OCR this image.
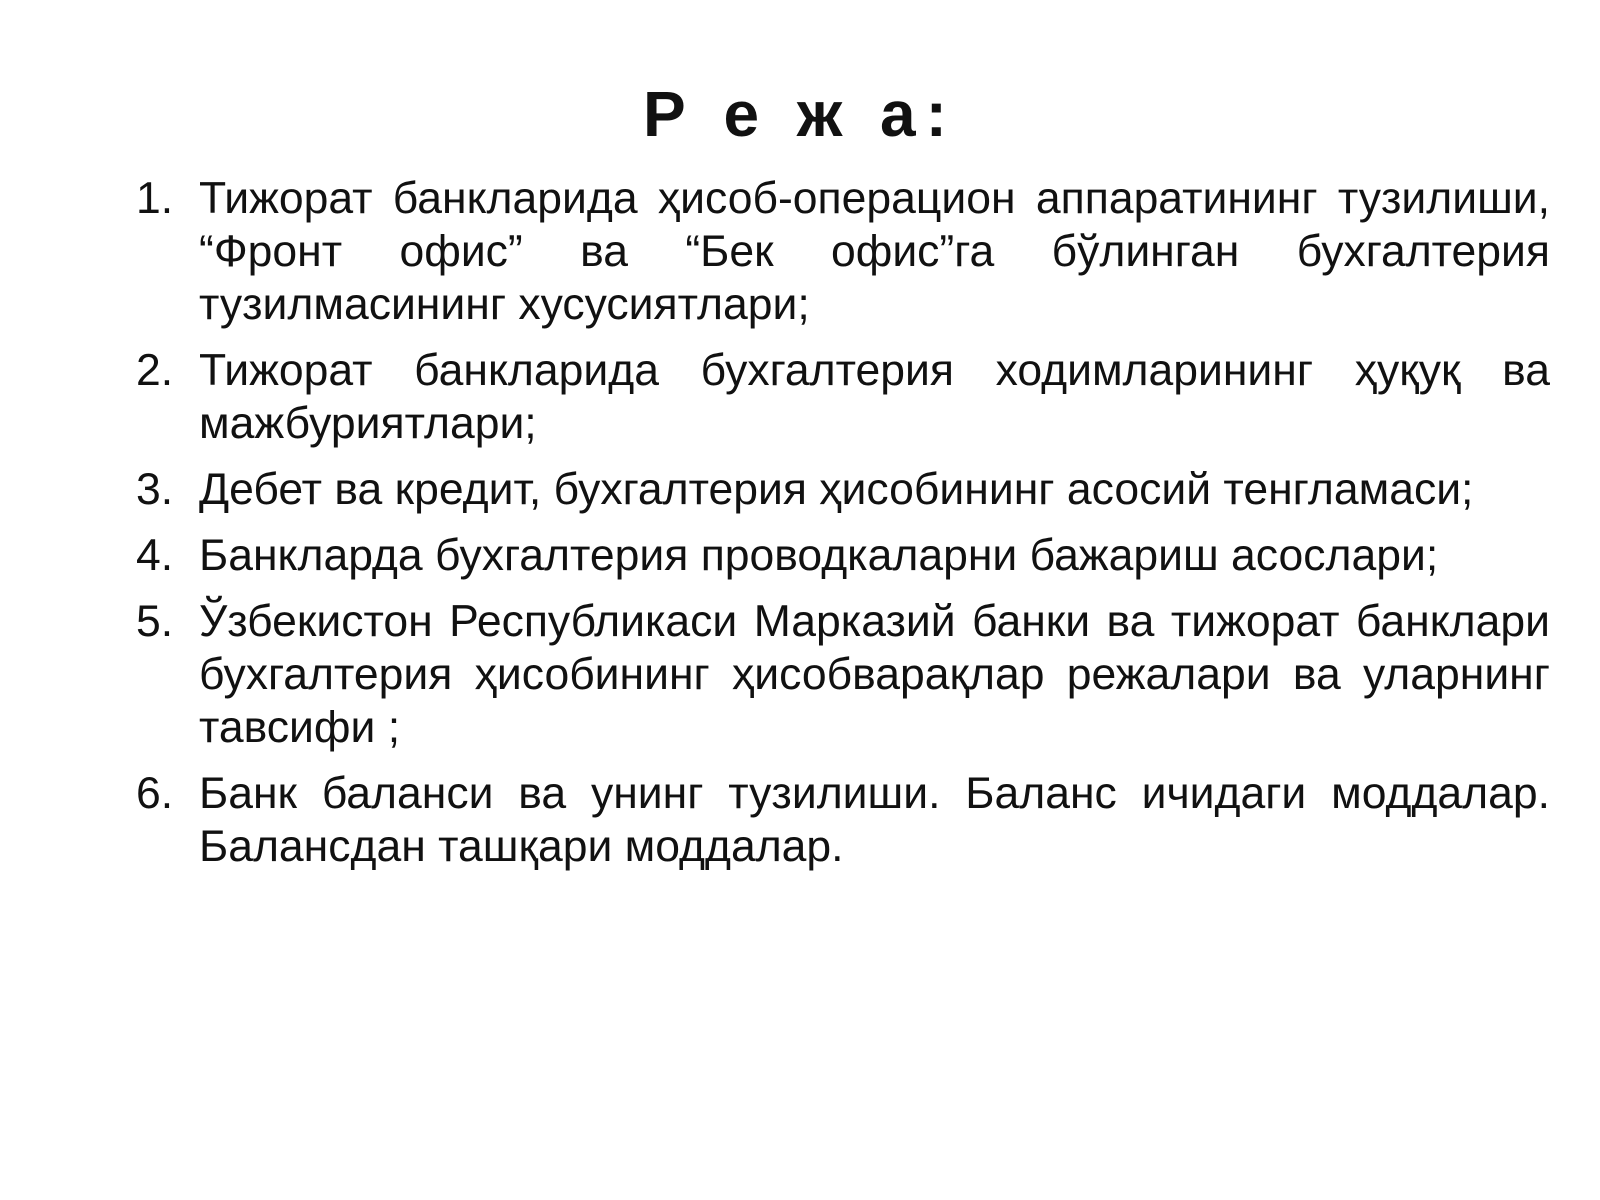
Р е ж а:
1. Тижорат банкларида ҳисоб-операцион аппаратининг тузилиши, “Фронт офис” ва “Бек офис”га бўлинган бухгалтерия тузилмасининг хусусиятлари;
2. Тижорат банкларида бухгалтерия ходимларининг ҳуқуқ ва мажбуриятлари;
3. Дебет ва кредит, бухгалтерия ҳисобининг асосий тенгламаси;
4. Банкларда бухгалтерия проводкаларни бажариш асослари;
5. Ўзбекистон Республикаси Марказий банки ва тижорат банклари бухгалтерия ҳисобининг ҳисобварақлар режалари ва уларнинг тавсифи ;
6. Банк баланси ва унинг тузилиши. Баланс ичидаги моддалар. Балансдан ташқари моддалар.
